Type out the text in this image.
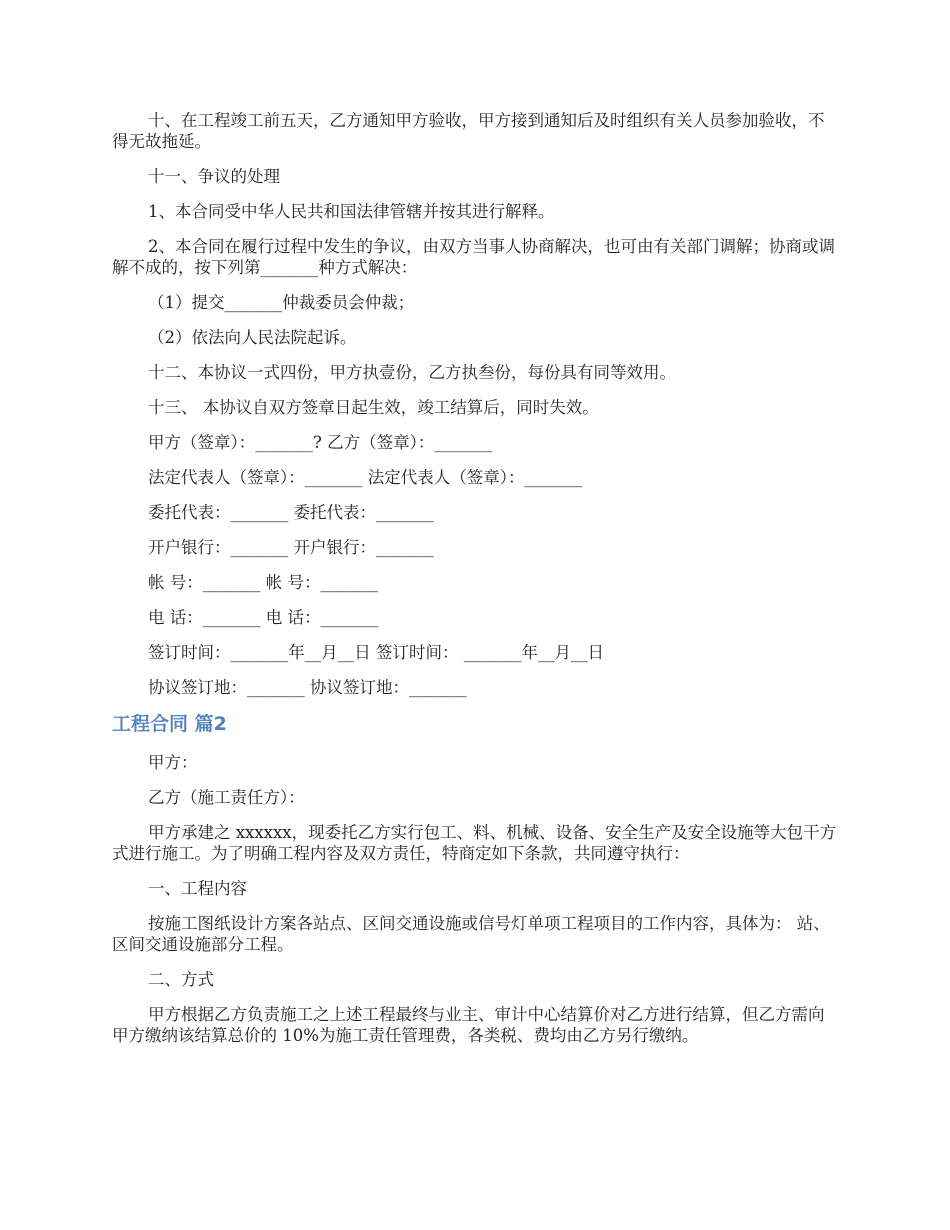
十、在工程竣工前五天，乙方通知甲方验收，甲方接到通知后及时组织有关人员参加验收，不得无故拖延。

十一、争议的处理

1、本合同受中华人民共和国法律管辖并按其进行解释。

2、本合同在履行过程中发生的争议，由双方当事人协商解决，也可由有关部门调解；协商或调解不成的，按下列第_______种方式解决：

（1）提交_______仲裁委员会仲裁；

（2）依法向人民法院起诉。

十二、本协议一式四份，甲方执壹份，乙方执叁份，每份具有同等效用。

十三、 本协议自双方签章日起生效，竣工结算后，同时失效。

甲方（签章）：_______? 乙方（签章）：_______

法定代表人（签章）：_______ 法定代表人（签章）：_______

委托代表：_______ 委托代表：_______

开户银行：_______ 开户银行：_______

帐 号：_______ 帐 号：_______

电 话：_______ 电 话：_______

签订时间：_______年__月__日 签订时间： _______年__月__日

协议签订地：_______ 协议签订地：_______

工程合同 篇2

甲方：

乙方（施工责任方）：

甲方承建之 xxxxxx，现委托乙方实行包工、料、机械、设备、安全生产及安全设施等大包干方式进行施工。为了明确工程内容及双方责任，特商定如下条款，共同遵守执行：

一、工程内容

按施工图纸设计方案各站点、区间交通设施或信号灯单项工程项目的工作内容，具体为： 站、 区间交通设施部分工程。

二、方式

甲方根据乙方负责施工之上述工程最终与业主、审计中心结算价对乙方进行结算，但乙方需向甲方缴纳该结算总价的 10%为施工责任管理费，各类税、费均由乙方另行缴纳。
